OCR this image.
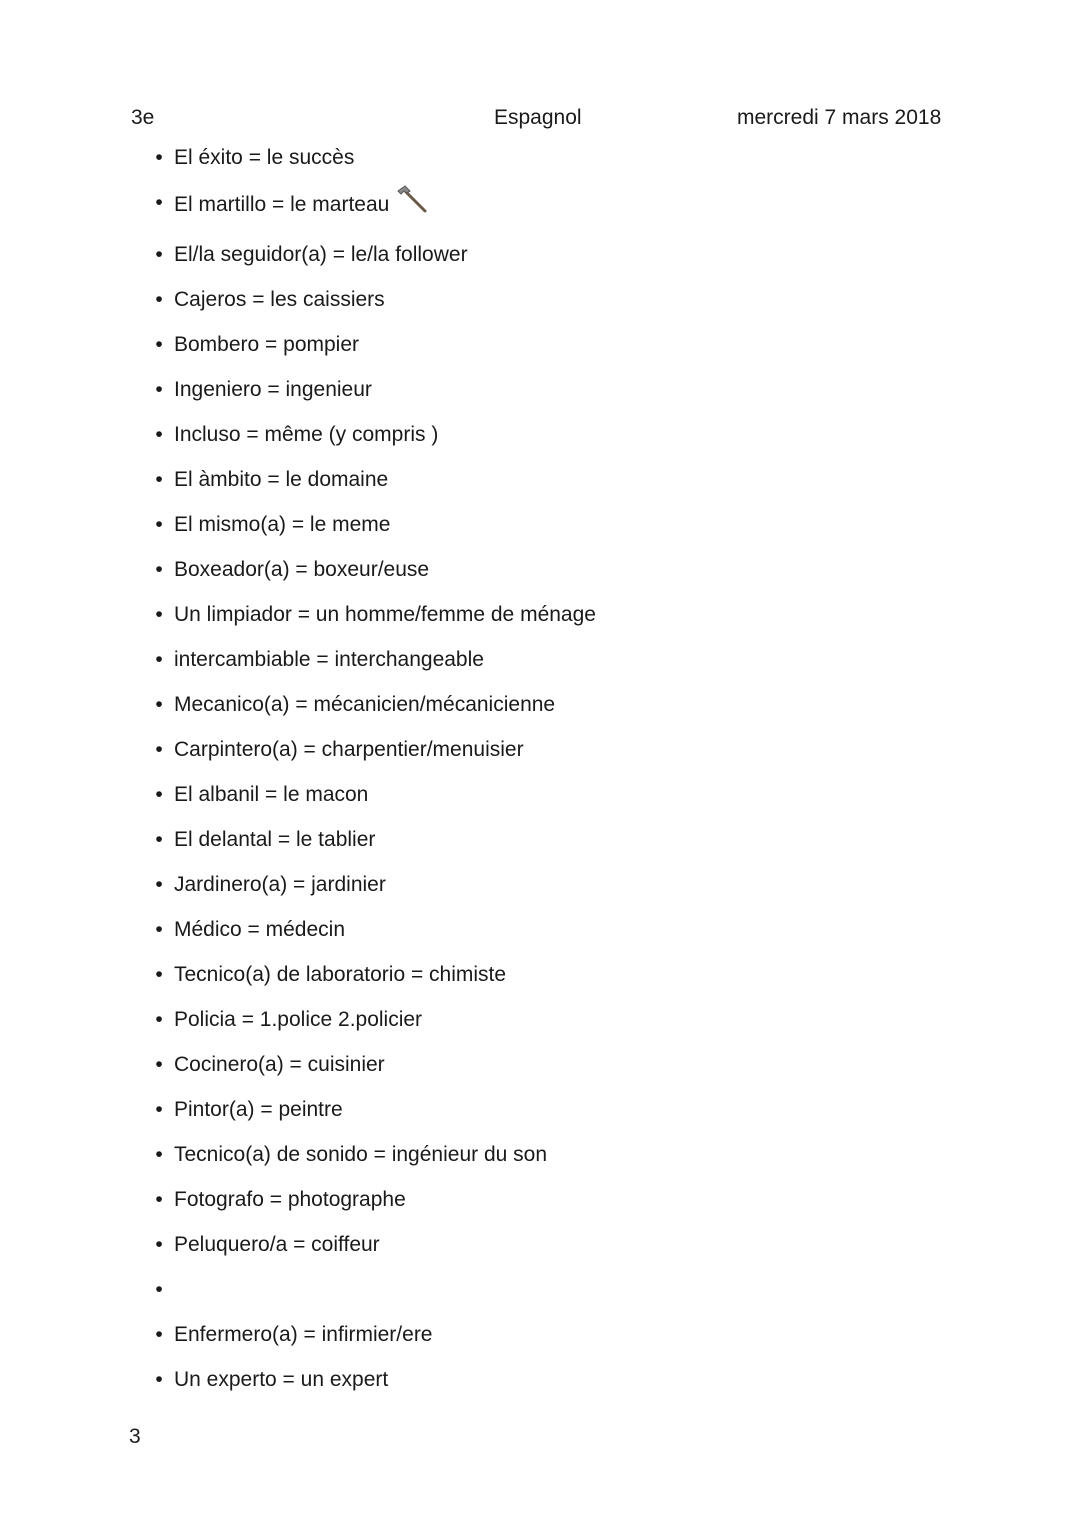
3e	Espagnol	mercredi 7 mars 2018
• El éxito = le succès
• El martillo = le marteau
• El/la seguidor(a) = le/la follower
• Cajeros = les caissiers
• Bombero = pompier
• Ingeniero = ingenieur
• Incluso = même (y compris )
• El àmbito = le domaine
• El mismo(a) = le meme
• Boxeador(a) = boxeur/euse
• Un limpiador = un homme/femme de ménage
• intercambiable = interchangeable
• Mecanico(a) = mécanicien/mécanicienne
• Carpintero(a) = charpentier/menuisier
• El albanil = le macon
• El delantal = le tablier
• Jardinero(a) = jardinier
• Médico = médecin
• Tecnico(a) de laboratorio = chimiste
• Policia = 1.police 2.policier
• Cocinero(a) = cuisinier
• Pintor(a) = peintre
• Tecnico(a) de sonido = ingénieur du son
• Fotografo = photographe
• Peluquero/a = coiffeur
•
• Enfermero(a) = infirmier/ere
• Un experto = un expert
3
